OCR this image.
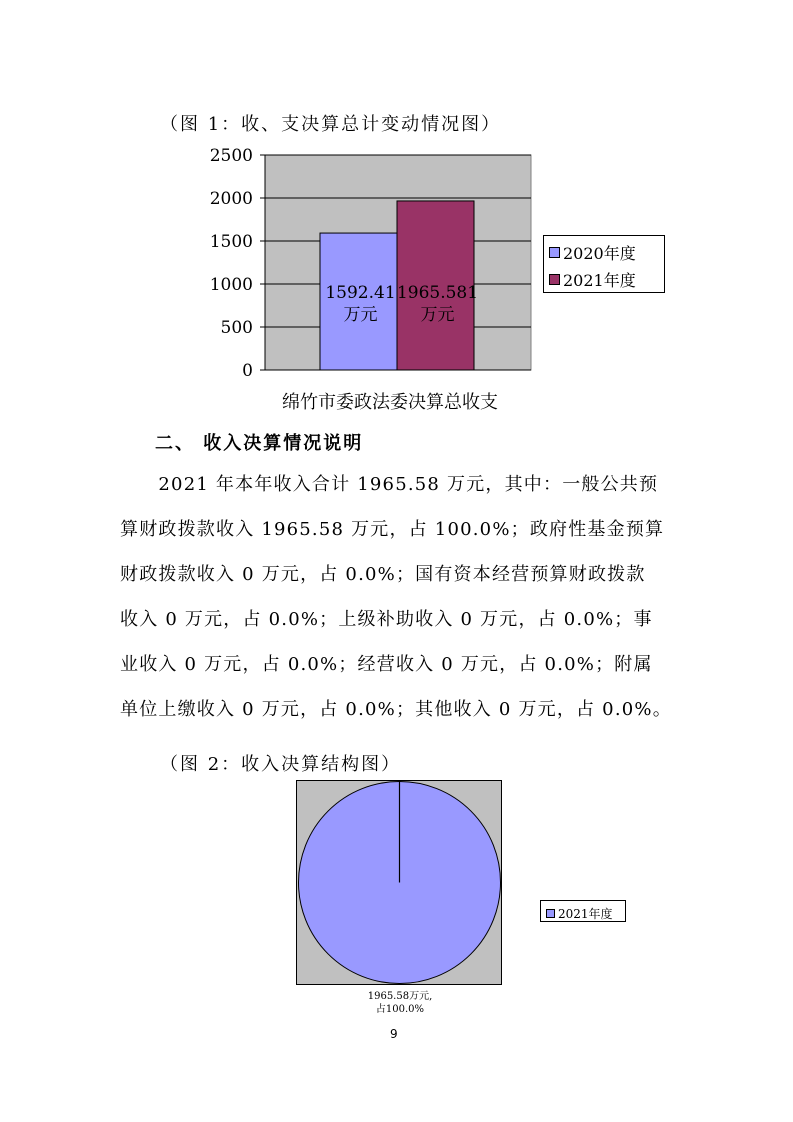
（图 1：收、支决算总计变动情况图）
0
500
1000
1500
2000
2500
1592.41
万元
1965.581
万元
绵竹市委政法委决算总收支
2020年度
2021年度
二、 收入决算情况说明
　　2021 年本年收入合计 1965.58 万元，其中：一般公共预
算财政拨款收入 1965.58 万元，占 100.0%；政府性基金预算
财政拨款收入 0 万元，占 0.0%；国有资本经营预算财政拨款
收入 0 万元，占 0.0%；上级补助收入 0 万元，占 0.0%；事
业收入 0 万元，占 0.0%；经营收入 0 万元，占 0.0%；附属
单位上缴收入 0 万元，占 0.0%；其他收入 0 万元，占 0.0%。
（图 2：收入决算结构图）
2021年度
1965.58万元,
占100.0%
9
